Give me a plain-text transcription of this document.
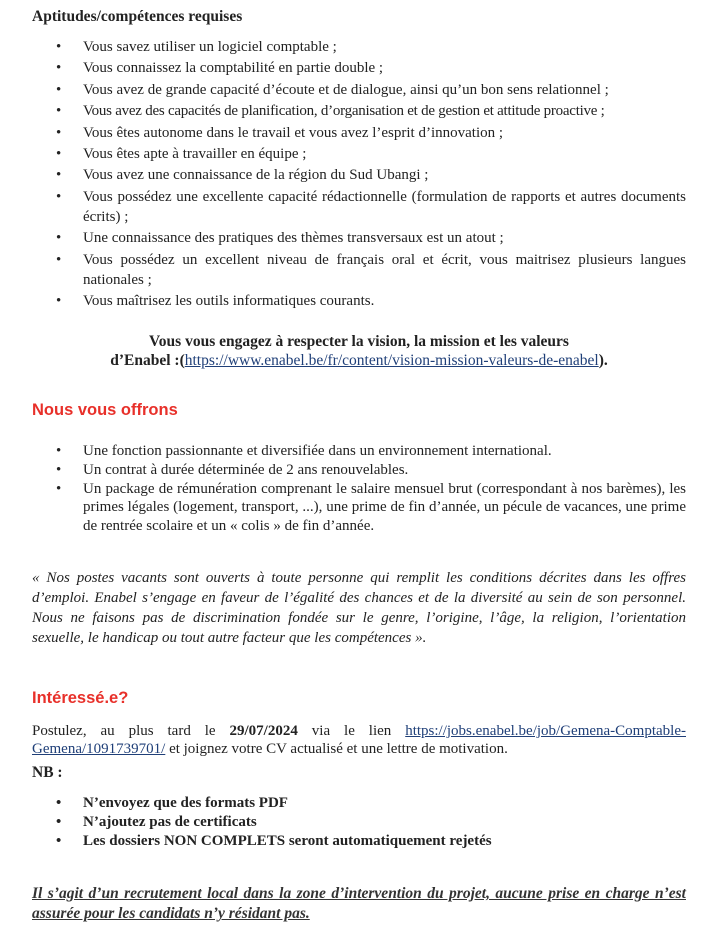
Aptitudes/compétences requises
• Vous savez utiliser un logiciel comptable ;
• Vous connaissez la comptabilité en partie double ;
• Vous avez de grande capacité d’écoute et de dialogue, ainsi qu’un bon sens relationnel ;
• Vous avez des capacités de planification, d’organisation et de gestion et attitude proactive ;
• Vous êtes autonome dans le travail et vous avez l’esprit d’innovation ;
• Vous êtes apte à travailler en équipe ;
• Vous avez une connaissance de la région du Sud Ubangi ;
• Vous possédez une excellente capacité rédactionnelle (formulation de rapports et autres documents écrits) ;
• Une connaissance des pratiques des thèmes transversaux est un atout ;
• Vous possédez un excellent niveau de français oral et écrit, vous maitrisez plusieurs langues nationales ;
• Vous maîtrisez les outils informatiques courants.
Vous vous engagez à respecter la vision, la mission et les valeurs
d’Enabel :(https://www.enabel.be/fr/content/vision-mission-valeurs-de-enabel).
Nous vous offrons
• Une fonction passionnante et diversifiée dans un environnement international.
• Un contrat à durée déterminée de 2 ans renouvelables.
• Un package de rémunération comprenant le salaire mensuel brut (correspondant à nos barèmes), les primes légales (logement, transport, ...), une prime de fin d’année, un pécule de vacances, une prime de rentrée scolaire et un « colis » de fin d’année.
« Nos postes vacants sont ouverts à toute personne qui remplit les conditions décrites dans les offres d’emploi. Enabel s’engage en faveur de l’égalité des chances et de la diversité au sein de son personnel. Nous ne faisons pas de discrimination fondée sur le genre, l’origine, l’âge, la religion, l’orientation sexuelle, le handicap ou tout autre facteur que les compétences ».
Intéressé.e?

Postulez, au plus tard le 29/07/2024 via le lien https://jobs.enabel.be/job/Gemena-Comptable-Gemena/1091739701/ et joignez votre CV actualisé et une lettre de motivation.

NB :
• N’envoyez que des formats PDF
• N’ajoutez pas de certificats
• Les dossiers NON COMPLETS seront automatiquement rejetés
Il s’agit d’un recrutement local dans la zone d’intervention du projet, aucune prise en charge n’est assurée pour les candidats n’y résidant pas.
